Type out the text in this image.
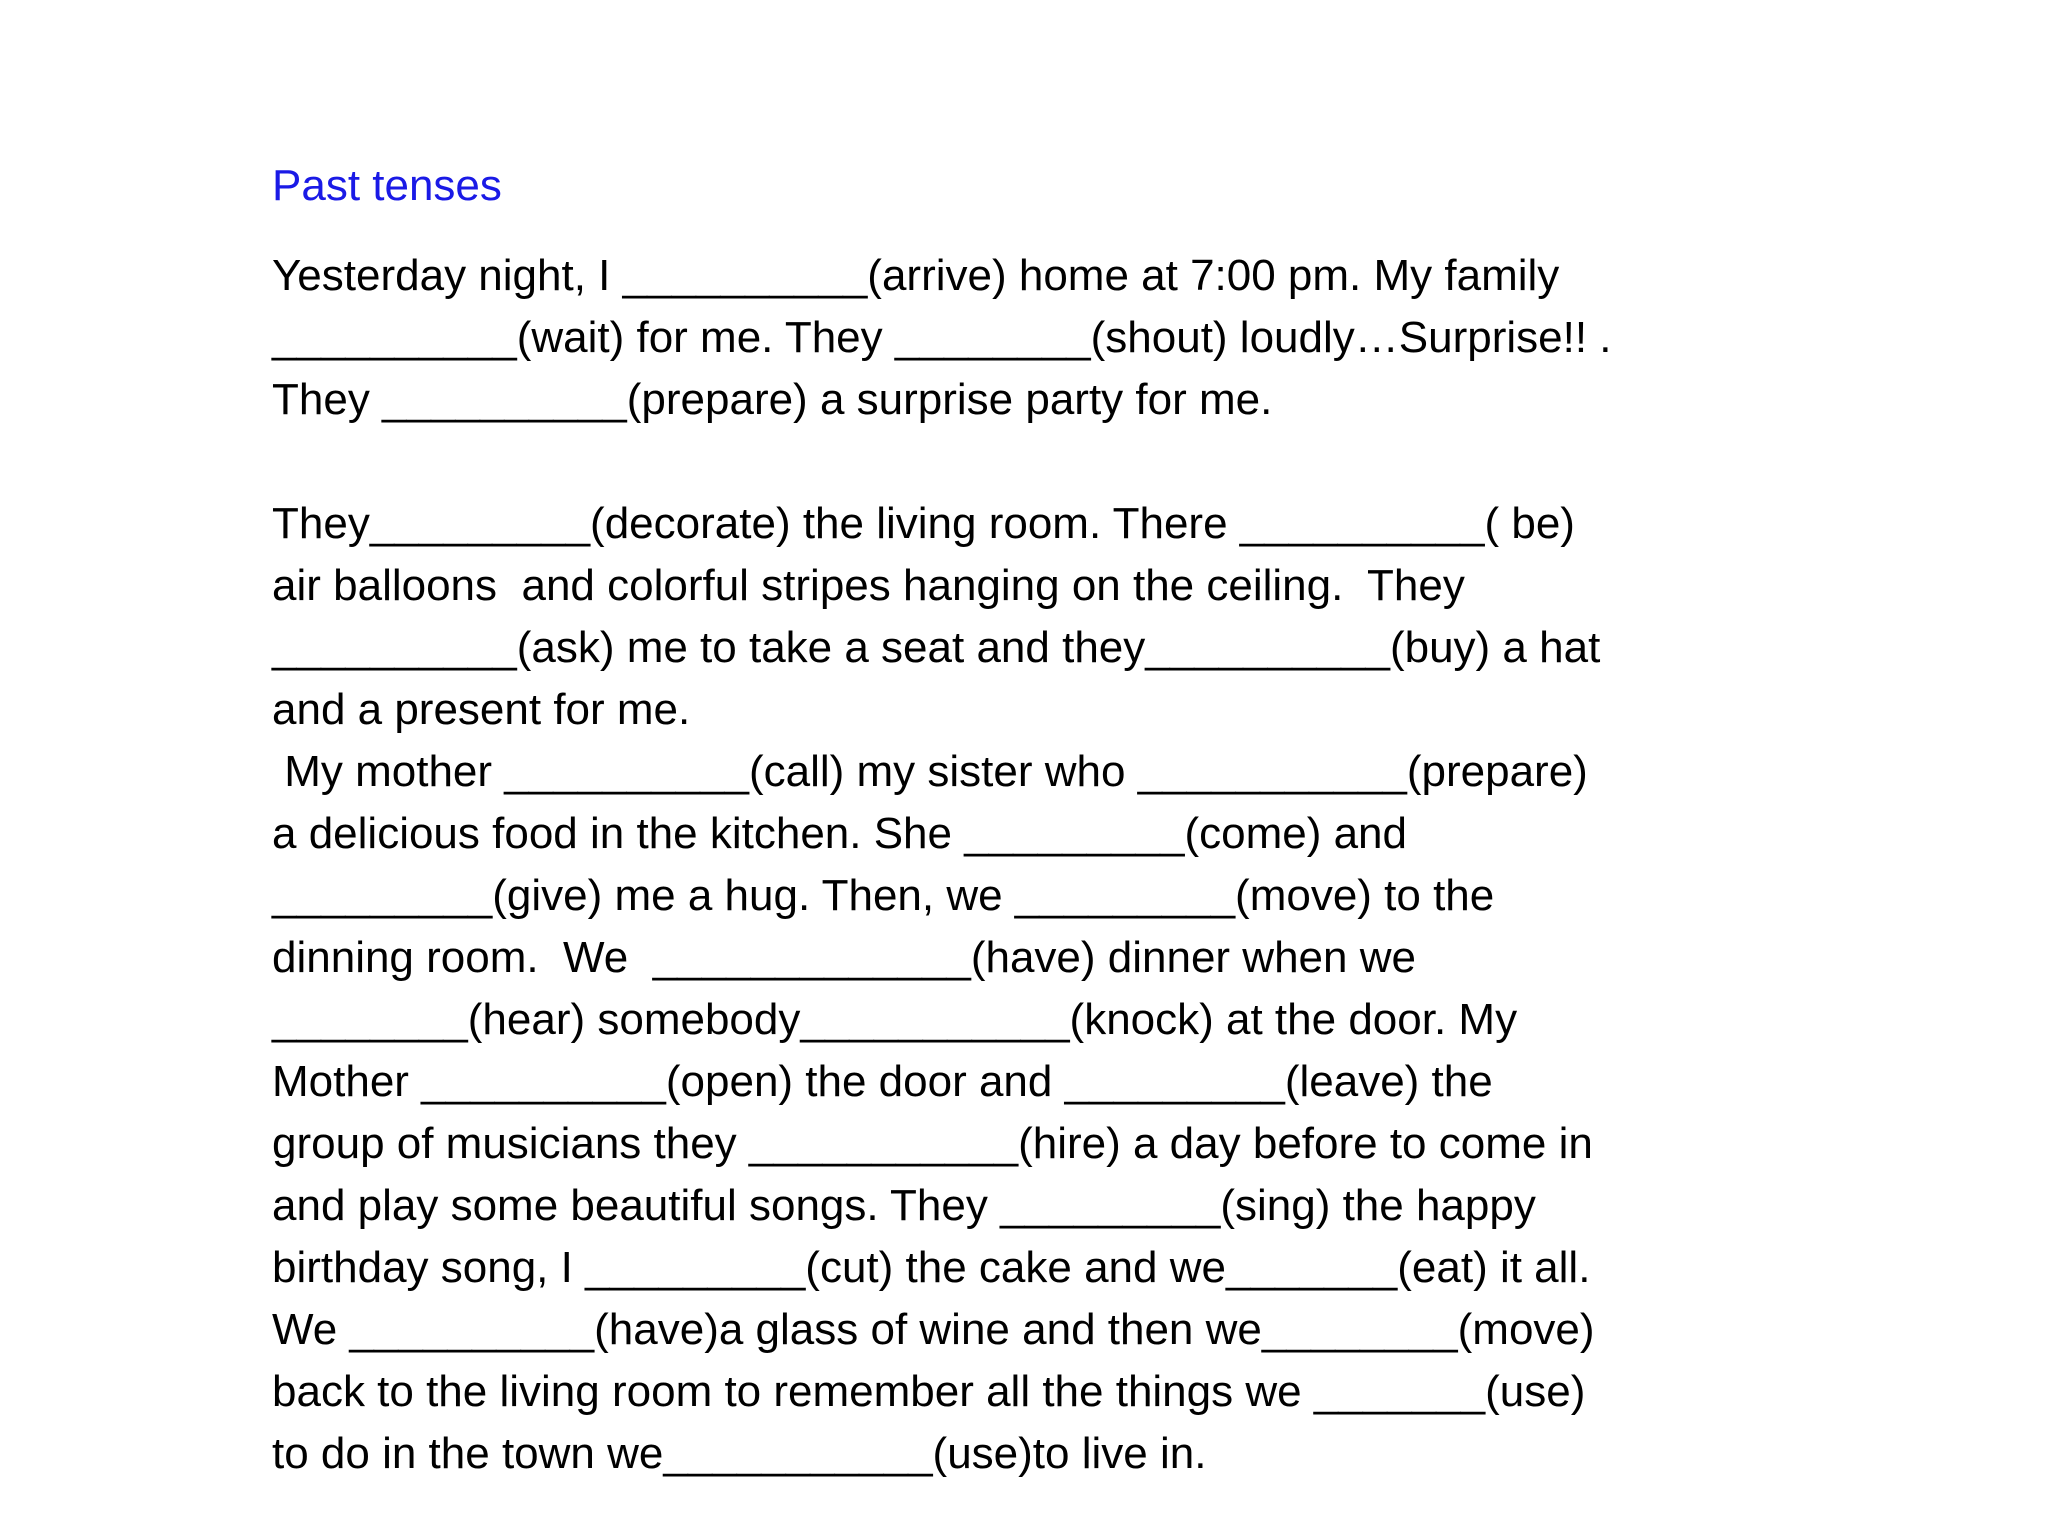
Past tenses
Yesterday night, I __________(arrive) home at 7:00 pm. My family
__________(wait) for me. They ________(shout) loudly…Surprise!! .
They __________(prepare) a surprise party for me.
They_________(decorate) the living room. There __________( be)
air balloons  and colorful stripes hanging on the ceiling.  They
__________(ask) me to take a seat and they__________(buy) a hat
and a present for me.
My mother __________(call) my sister who ___________(prepare)
a delicious food in the kitchen. She _________(come) and
_________(give) me a hug. Then, we _________(move) to the
dinning room.  We  _____________(have) dinner when we
________(hear) somebody___________(knock) at the door. My
Mother __________(open) the door and _________(leave) the
group of musicians they ___________(hire) a day before to come in
and play some beautiful songs. They _________(sing) the happy
birthday song, I _________(cut) the cake and we_______(eat) it all.
We __________(have)a glass of wine and then we________(move)
back to the living room to remember all the things we _______(use)
to do in the town we___________(use)to live in.
